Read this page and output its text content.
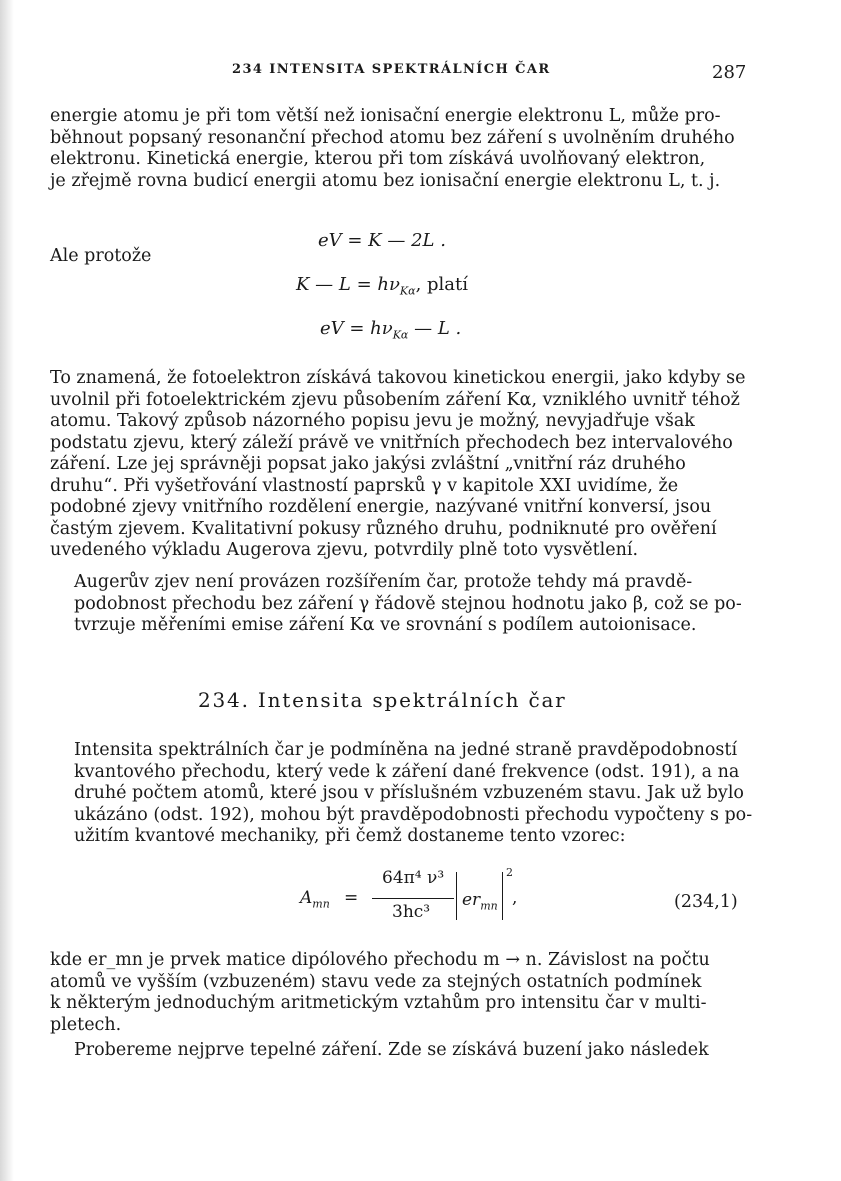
234 INTENSITA SPEKTRÁLNÍCH ČAR	287

energie atomu je při tom větší než ionisační energie elektronu L, může pro-
běhnout popsaný resonanční přechod atomu bez záření s uvolněním druhého
elektronu. Kinetická energie, kterou při tom získává uvolňovaný elektron,
je zřejmě rovna budicí energii atomu bez ionisační energie elektronu L, t. j.

eV = K — 2L .
Ale protože
K — $L = h\nu_{K\alpha}$, platí
eV = $h\nu_{K\alpha}$ — L .

To znamená, že fotoelektron získává takovou kinetickou energii, jako kdyby se
uvolnil při fotoelektrickém zjevu působením záření Kα, vzniklého uvnitř téhož
atomu. Takový způsob názorného popisu jevu je možný, nevyjadřuje však
podstatu zjevu, který záleží právě ve vnitřních přechodech bez intervalového
záření. Lze jej správněji popsat jako jakýsi zvláštní „vnitřní ráz druhého
druhu“. Při vyšetřování vlastností paprsků γ v kapitole XXI uvidíme, že
podobné zjevy vnitřního rozdělení energie, nazývané vnitřní konversí, jsou
častým zjevem. Kvalitativní pokusy různého druhu, podniknuté pro ověření
uvedeného výkladu Augerova zjevu, potvrdily plně toto vysvětlení.

Augerův zjev není provázen rozšířením čar, protože tehdy má pravdě-
podobnost přechodu bez záření γ řádově stejnou hodnotu jako β, což se po-
tvrzuje měřeními emise záření Kα ve srovnání s podílem autoionisace.

234. Intensita spektrálních čar

Intensita spektrálních čar je podmíněna na jedné straně pravděpodobností
kvantového přechodu, který vede k záření dané frekvence (odst. 191), a na
druhé počtem atomů, které jsou v příslušném vzbuzeném stavu. Jak už bylo
ukázáno (odst. 192), mohou být pravděpodobnosti přechodu vypočteny s po-
užitím kvantové mechaniky, při čemž dostaneme tento vzorec:

$A_{mn}$ =
64π⁴ ν³
3hc³
$er_{mn}$
2
,	(234,1)

kde er_mn je prvek matice dipólového přechodu m → n. Závislost na počtu
atomů ve vyšším (vzbuzeném) stavu vede za stejných ostatních podmínek
k některým jednoduchým aritmetickým vztahům pro intensitu čar v multi-
pletech.

Probereme nejprve tepelné záření. Zde se získává buzení jako následek
